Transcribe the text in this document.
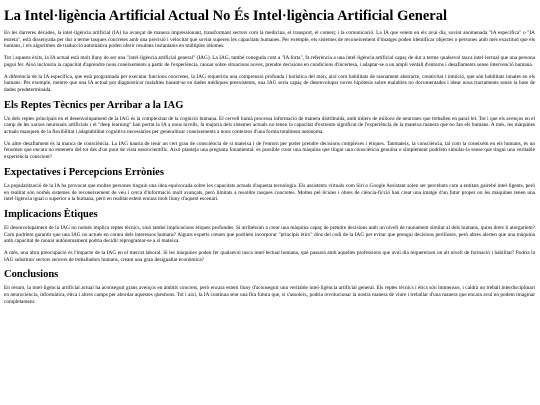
La Intel·ligència Artificial Actual No És Intel·ligència Artificial General

En les darreres dècades, la intel·ligència artificial (IA) ha avançat de manera impressionant, transformant sectors com la medicina, el transport, el comerç i la comunicació. La IA que veiem en els avui dia, sovint anomenada "IA específica" o "IA estreta", està dissenyada per dur a terme tasques concretes amb una precisió i velocitat que sovint superen les capacitats humanes. Per exemple, els sistemes de reconeixement d'imatges poden identificar objectes o persones amb més exactitud que els humans, i els algoritmes de traducció automàtica poden oferir resultats instantanis en múltiples idiomes.

Tot i aquests èxits, la IA actual està molt lluny de ser una "intel·ligència artificial general" (IAG). La IAG, també coneguda com a "IA forta", fa referència a una intel·ligència artificial capaç de dur a terme qualsevol tasca intel·lectual que una persona pugui fer. Això inclouria la capacitat d'aprendre nous coneixements a partir de l'experiència, raonar sobre situacions noves, prendre decisions en condicions d'incertesa, i adaptar-se a un ampli ventall d'entorns i desafiaments sense intervenció humana.

A diferència de la IA específica, que està programada per executar funcions concretes, la IAG requeriria una comprensió profunda i holística del món, així com habilitats de raonament abstracte, creativitat i intuïció, que són habilitats innates en els humans. Per exemple, mentre que una IA actual pot diagnosticar malalties basant-se en dades mèdiques preexistents, una IAG seria capaç de desenvolupar noves hipòtesis sobre malalties no documentades i idear nous tractaments sense la base de dades predeterminada.

Els Reptes Tècnics per Arribar a la IAG

Un dels reptes principals en el desenvolupament de la IAG és la complexitat de la cognició humana. El cervell humà processa informació de manera distribuïda, amb milers de milions de neurones que treballen en paral·lel. Tot i que els avenços en el camp de les xarxes neuronals artificials i el "deep learning" han portat la IA a nous nivells, la majoria dels sistemes actuals no tenen la capacitat d'extreure significat de l'experiència de la mateixa manera que ho fan els humans. A més, les màquines actuals manquen de la flexibilitat i adaptabilitat cognitiva necessàries per generalitzar coneixements a nous contextos d'una forma totalment autònoma.

Un altre desafiament és la manca de consciència. La IAG hauria de tenir un cert grau de consciència de si mateixa i de l'entorn per poder prendre decisions complexes i ètiques. Tanmateix, la consciència, tal com la coneixem en els humans, és un fenomen que encara no entenem del tot des d'un punt de vista neurocientífic. Això planteja una pregunta fonamental: és possible crear una màquina que tingui una consciència genuïna o simplement podríem simular-la sense que tingui una veritable experiència conscient?

Expectatives i Percepcions Errònies

La popularització de la IA ha provocat que moltes persones tinguin una idea equivocada sobre les capacitats actuals d'aquesta tecnologia. Els assistents virtuals com Siri o Google Assistant solen ser percebuts com a entitats gairebé intel·ligents, però en realitat són només sistemes de reconeixement de veu i cerca d'informació molt avançats, però limitats a resoldre tasques concretes. Moltes pel·lícules i obres de ciència-ficció han creat una imatge d'un futur proper on les màquines tenen una intel·ligència igual o superior a la humana, però en realitat estem encara molt lluny d'aquest escenari.

Implicacions Ètiques

El desenvolupament de la IAG no només implica reptes tècnics, sinó també implicacions ètiques profundes. Si arribéssim a crear una màquina capaç de prendre decisions amb un nivell de raonament similar al dels humans, quins drets li atorgaríem? Com podríem garantir que una IAG no actués en contra dels interessos humans? Alguns experts creuen que podríem incorporar "principis ètics" dins del codi de la IAG per evitar que prengui decisions perilloses, però altres alerten que una màquina amb capacitat de raonar autònomament podria decidir reprogramar-se a si mateixa.

A més, una altra preocupació és l'impacte de la IAG en el mercat laboral. Si les màquines poden fer qualsevol tasca intel·lectual humana, què passarà amb aquelles professions que avui dia requereixen un alt nivell de formació i habilitat? Podria la IAG substituir sectors sencers de treballadors humans, creant una gran desigualtat econòmica?

Conclusions

En resum, la intel·ligència artificial actual ha aconseguit grans avenços en àmbits concrets, però encara estem lluny d'aconseguir una veritable intel·ligència artificial general. Els reptes tècnics i ètics són immensos, i caldrà un treball interdisciplinari en neurociència, informàtica, ètica i altres camps per abordar aquestes qüestions. Tot i així, la IA continua sent una fita futura que, si s'assoleix, podria revolucionar la nostra manera de viure i treballar d'una manera que encara avui no podem imaginar completament.
